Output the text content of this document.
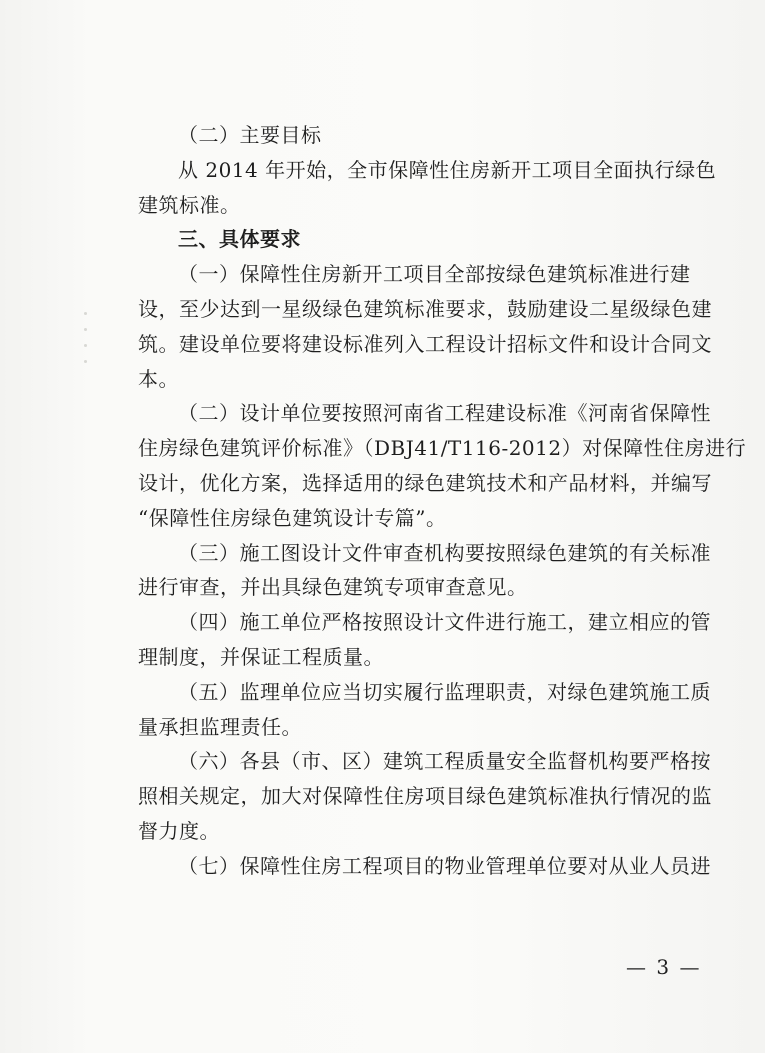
（二）主要目标
从 2014 年开始，全市保障性住房新开工项目全面执行绿色
建筑标准。
三、具体要求
（一）保障性住房新开工项目全部按绿色建筑标准进行建
设，至少达到一星级绿色建筑标准要求，鼓励建设二星级绿色建
筑。建设单位要将建设标准列入工程设计招标文件和设计合同文
本。
（二）设计单位要按照河南省工程建设标准《河南省保障性
住房绿色建筑评价标准》（DBJ41/T116-2012）对保障性住房进行
设计，优化方案，选择适用的绿色建筑技术和产品材料，并编写
“保障性住房绿色建筑设计专篇”。
（三）施工图设计文件审查机构要按照绿色建筑的有关标准
进行审查，并出具绿色建筑专项审查意见。
（四）施工单位严格按照设计文件进行施工，建立相应的管
理制度，并保证工程质量。
（五）监理单位应当切实履行监理职责，对绿色建筑施工质
量承担监理责任。
（六）各县（市、区）建筑工程质量安全监督机构要严格按
照相关规定，加大对保障性住房项目绿色建筑标准执行情况的监
督力度。
（七）保障性住房工程项目的物业管理单位要对从业人员进
— 3 —
